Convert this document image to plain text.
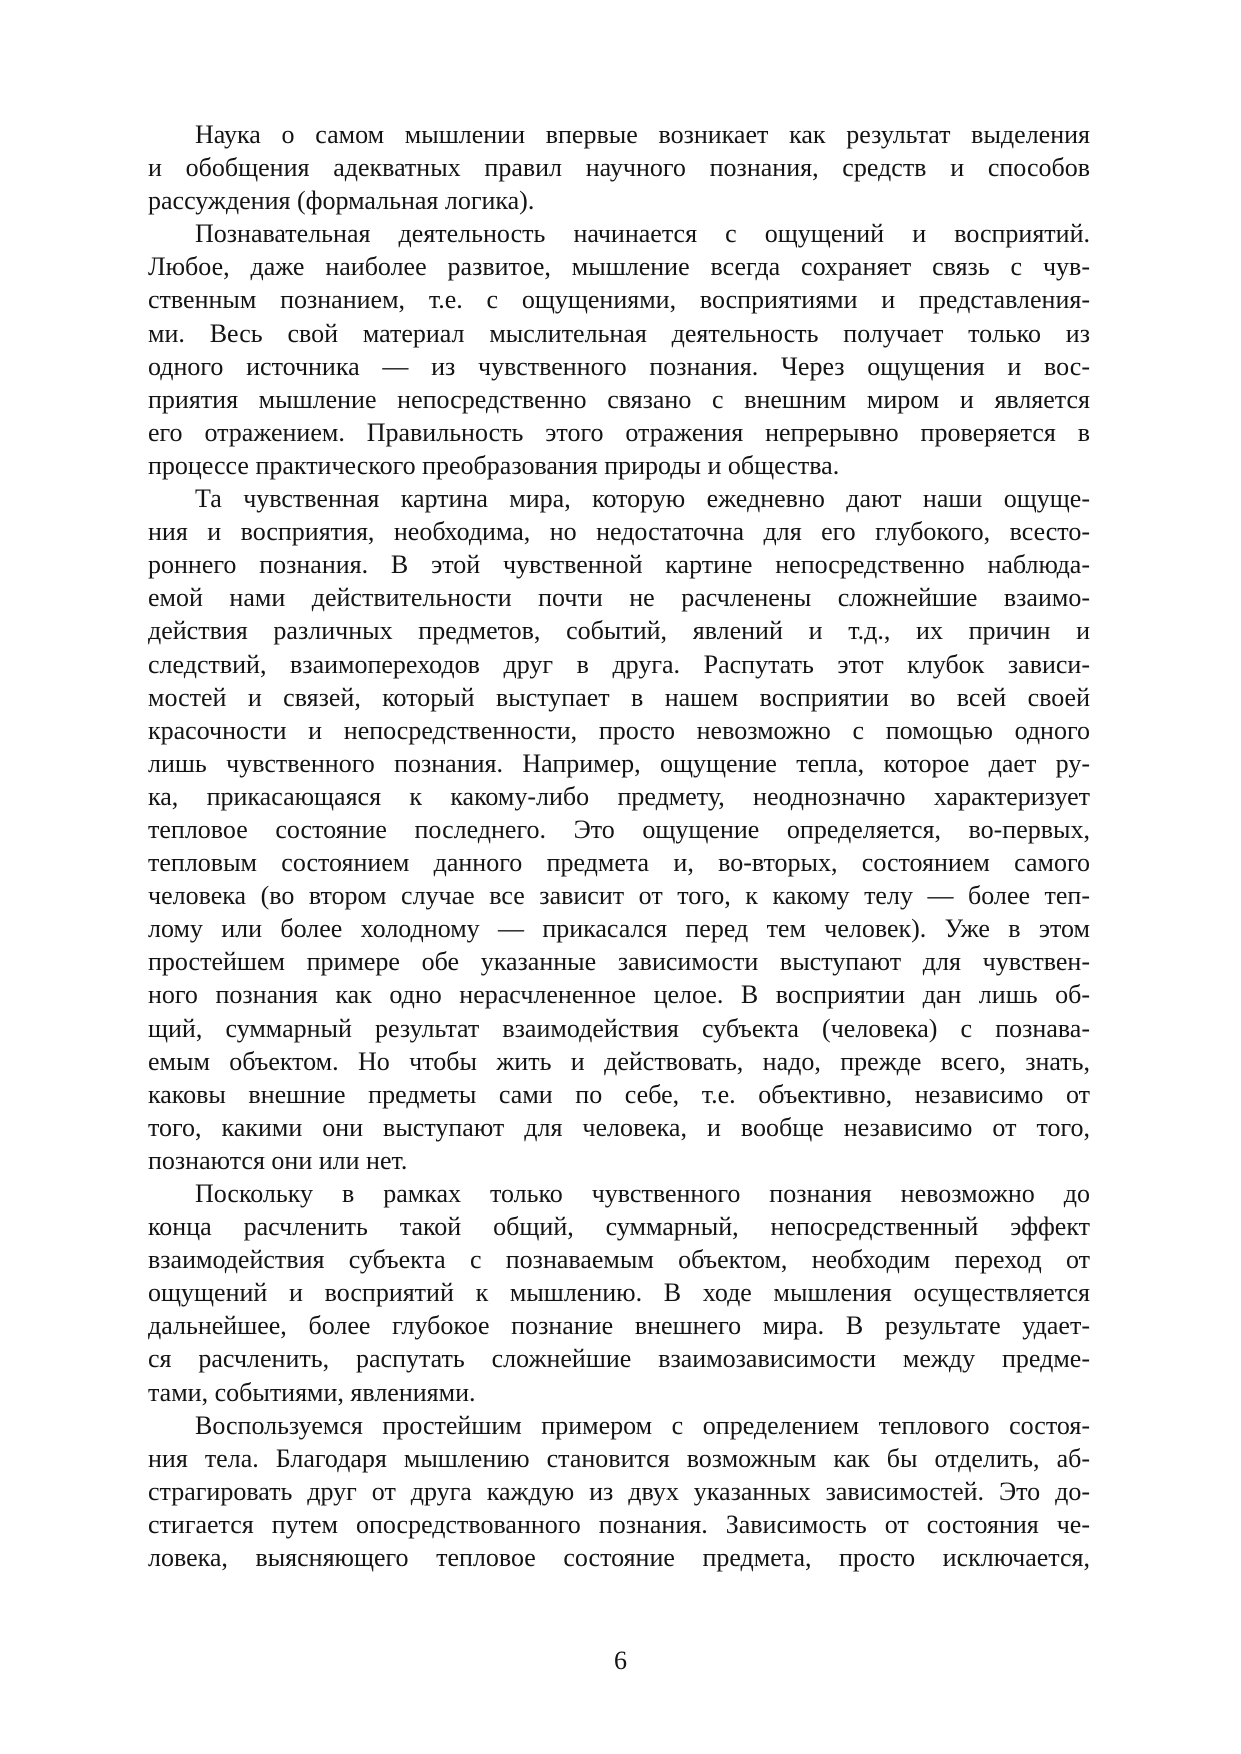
Наука о самом мышлении впервые возникает как результат выделения
и обобщения адекватных правил научного познания, средств и способов
рассуждения (формальная логика).

Познавательная деятельность начинается с ощущений и восприятий.
Любое, даже наиболее развитое, мышление всегда сохраняет связь с чув-
ственным познанием, т.е. с ощущениями, восприятиями и представления-
ми. Весь свой материал мыслительная деятельность получает только из
одного источника — из чувственного познания. Через ощущения и вос-
приятия мышление непосредственно связано с внешним миром и является
его отражением. Правильность этого отражения непрерывно проверяется в
процессе практического преобразования природы и общества.

Та чувственная картина мира, которую ежедневно дают наши ощуще-
ния и восприятия, необходима, но недостаточна для его глубокого, всесто-
роннего познания. В этой чувственной картине непосредственно наблюда-
емой нами действительности почти не расчленены сложнейшие взаимо-
действия различных предметов, событий, явлений и т.д., их причин и
следствий, взаимопереходов друг в друга. Распутать этот клубок зависи-
мостей и связей, который выступает в нашем восприятии во всей своей
красочности и непосредственности, просто невозможно с помощью одного
лишь чувственного познания. Например, ощущение тепла, которое дает ру-
ка, прикасающаяся к какому-либо предмету, неоднозначно характеризует
тепловое состояние последнего. Это ощущение определяется, во-первых,
тепловым состоянием данного предмета и, во-вторых, состоянием самого
человека (во втором случае все зависит от того, к какому телу — более теп-
лому или более холодному — прикасался перед тем человек). Уже в этом
простейшем примере обе указанные зависимости выступают для чувствен-
ного познания как одно нерасчлененное целое. В восприятии дан лишь об-
щий, суммарный результат взаимодействия субъекта (человека) с познава-
емым объектом. Но чтобы жить и действовать, надо, прежде всего, знать,
каковы внешние предметы сами по себе, т.е. объективно, независимо от
того, какими они выступают для человека, и вообще независимо от того,
познаются они или нет.

Поскольку в рамках только чувственного познания невозможно до
конца расчленить такой общий, суммарный, непосредственный эффект
взаимодействия субъекта с познаваемым объектом, необходим переход от
ощущений и восприятий к мышлению. В ходе мышления осуществляется
дальнейшее, более глубокое познание внешнего мира. В результате удает-
ся расчленить, распутать сложнейшие взаимозависимости между предме-
тами, событиями, явлениями.

Воспользуемся простейшим примером с определением теплового состоя-
ния тела. Благодаря мышлению становится возможным как бы отделить, аб-
страгировать друг от друга каждую из двух указанных зависимостей. Это до-
стигается путем опосредствованного познания. Зависимость от состояния че-
ловека, выясняющего тепловое состояние предмета, просто исключается,

6
